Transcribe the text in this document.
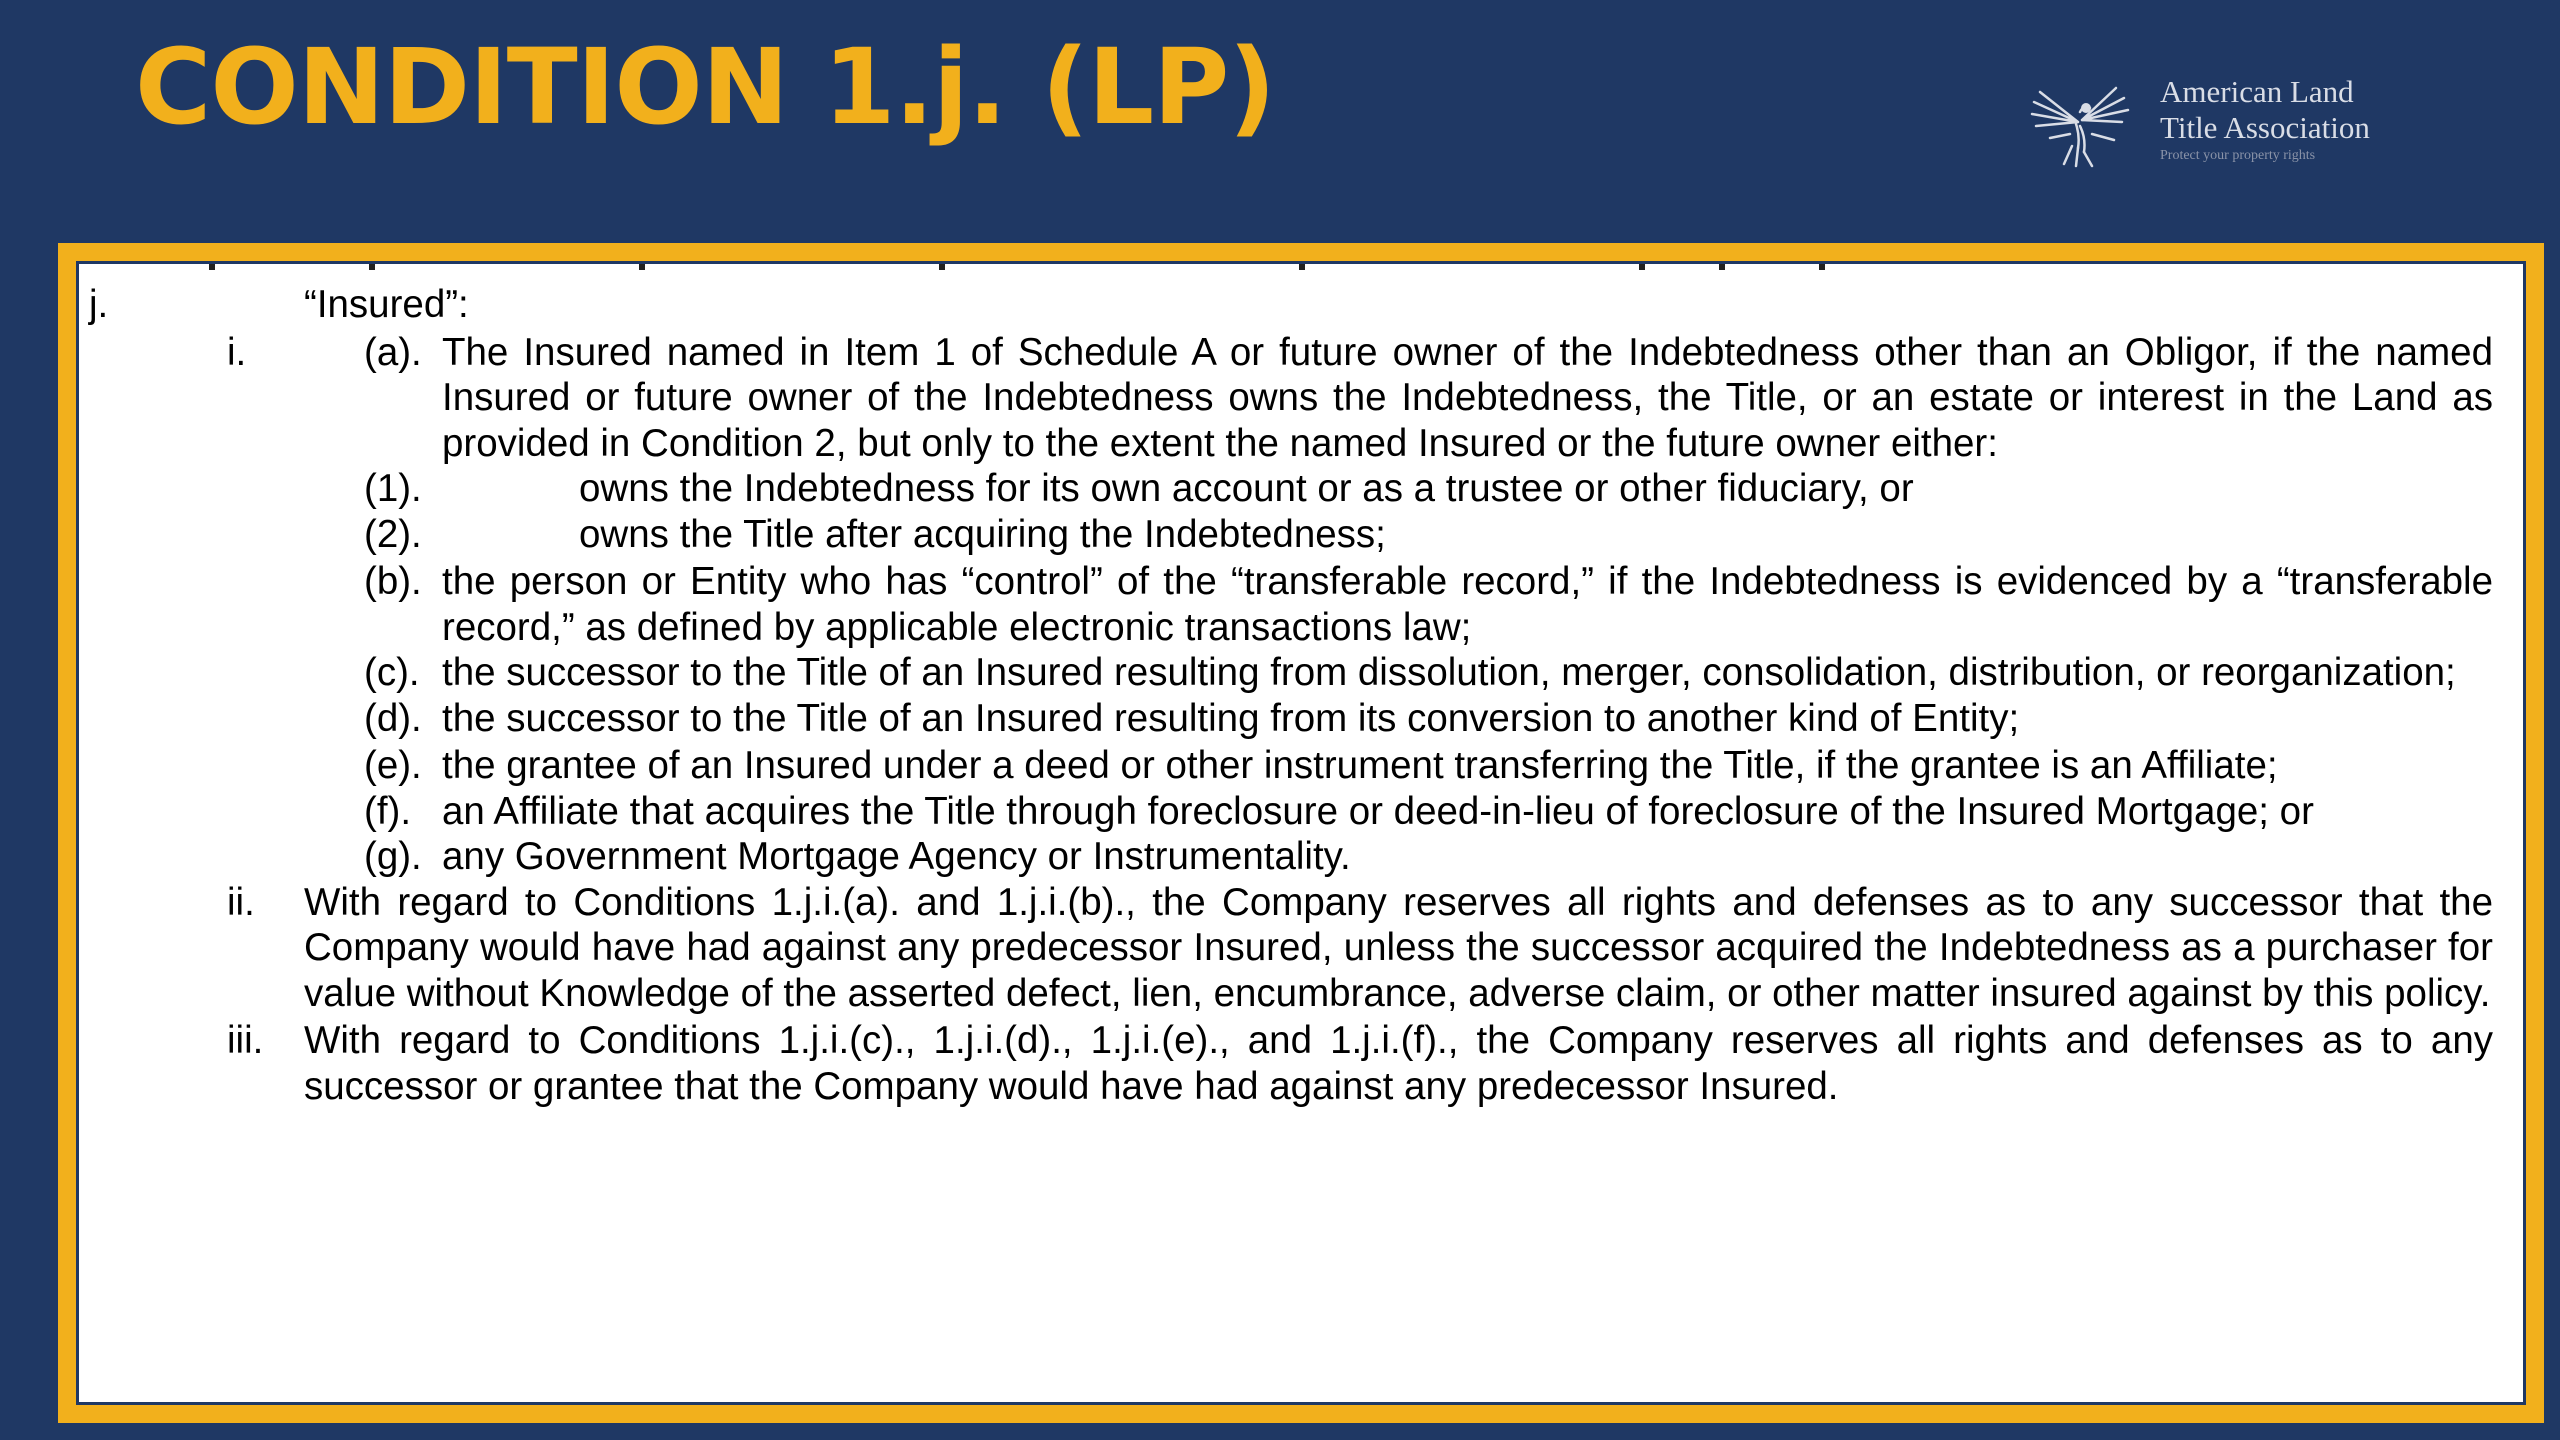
CONDITION 1.j. (LP)	American Land
Title Association
Protect your property rights
j.	“Insured”:
i.	(a). The Insured named in Item 1 of Schedule A or future owner of the Indebtedness other than an Obligor, if the named Insured or future owner of the Indebtedness owns the Indebtedness, the Title, or an estate or interest in the Land as provided in Condition 2, but only to the extent the named Insured or the future owner either:
(1).	owns the Indebtedness for its own account or as a trustee or other fiduciary, or
(2).	owns the Title after acquiring the Indebtedness;
(b). the person or Entity who has “control” of the “transferable record,” if the Indebtedness is evidenced by a “transferable record,” as defined by applicable electronic transactions law;
(c). the successor to the Title of an Insured resulting from dissolution, merger, consolidation, distribution, or reorganization;
(d). the successor to the Title of an Insured resulting from its conversion to another kind of Entity;
(e). the grantee of an Insured under a deed or other instrument transferring the Title, if the grantee is an Affiliate;
(f). an Affiliate that acquires the Title through foreclosure or deed-in-lieu of foreclosure of the Insured Mortgage; or
(g). any Government Mortgage Agency or Instrumentality.
ii. With regard to Conditions 1.j.i.(a). and 1.j.i.(b)., the Company reserves all rights and defenses as to any successor that the Company would have had against any predecessor Insured, unless the successor acquired the Indebtedness as a purchaser for value without Knowledge of the asserted defect, lien, encumbrance, adverse claim, or other matter insured against by this policy.
iii. With regard to Conditions 1.j.i.(c)., 1.j.i.(d)., 1.j.i.(e)., and 1.j.i.(f)., the Company reserves all rights and defenses as to any successor or grantee that the Company would have had against any predecessor Insured.
